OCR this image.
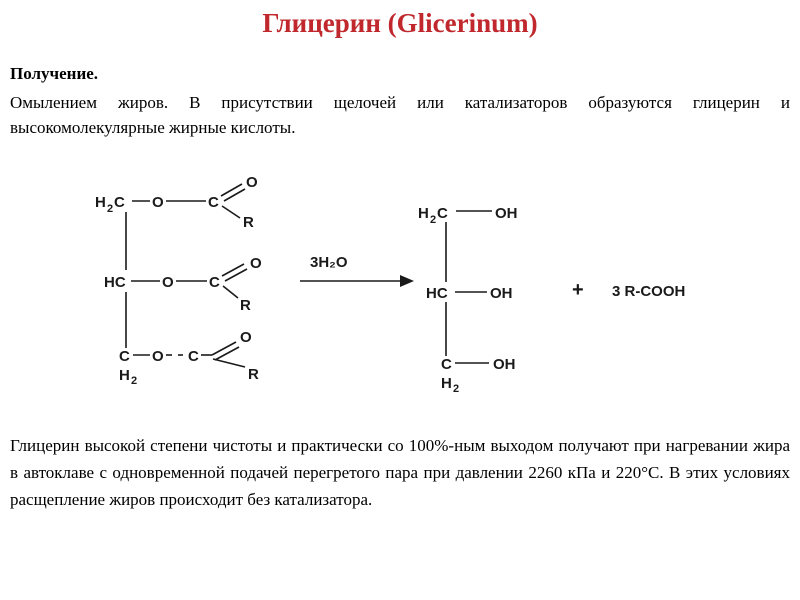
Глицерин (Glicerinum)
Получение.

Омылением жиров. В присутствии щелочей или катализаторов образуются глицерин и высокомолекулярные жирные кислоты.

H 2 C O	C
O
R
HC O C
O
R
C
H 2
O C
O
R
3H₂O
H 2 C	OH
HC	OH
C	OH
H 2
+ 3 R-COOH

Глицерин высокой степени чистоты и практически со 100%-ным выходом получают при нагревании жира в автоклаве с одновременной подачей перегретого пара при давлении 2260 кПа и 220°С. В этих условиях расщепление жиров происходит без катализатора.
